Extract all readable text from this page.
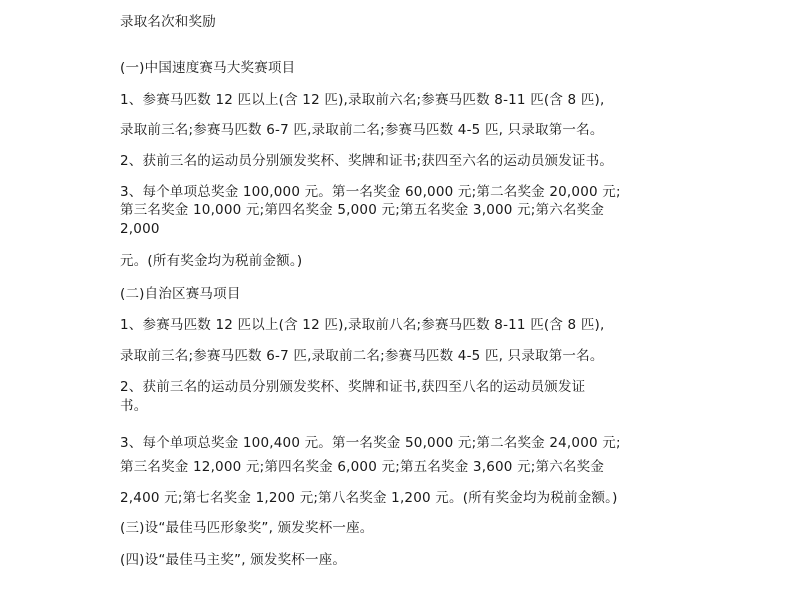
录取名次和奖励
(一)中国速度赛马大奖赛项目
1、参赛马匹数 12 匹以上(含 12 匹),录取前六名;参赛马匹数 8-11 匹(含 8 匹),
录取前三名;参赛马匹数 6-7 匹,录取前二名;参赛马匹数 4-5 匹, 只录取第一名。
2、获前三名的运动员分别颁发奖杯、奖牌和证书;获四至六名的运动员颁发证书。
3、每个单项总奖金 100,000 元。第一名奖金 60,000 元;第二名奖金 20,000 元;
第三名奖金 10,000 元;第四名奖金 5,000 元;第五名奖金 3,000 元;第六名奖金
2,000
元。(所有奖金均为税前金额。)
(二)自治区赛马项目
1、参赛马匹数 12 匹以上(含 12 匹),录取前八名;参赛马匹数 8-11 匹(含 8 匹),
录取前三名;参赛马匹数 6-7 匹,录取前二名;参赛马匹数 4-5 匹, 只录取第一名。
2、获前三名的运动员分别颁发奖杯、奖牌和证书,获四至八名的运动员颁发证
书。
3、每个单项总奖金 100,400 元。第一名奖金 50,000 元;第二名奖金 24,000 元;
第三名奖金 12,000 元;第四名奖金 6,000 元;第五名奖金 3,600 元;第六名奖金
2,400 元;第七名奖金 1,200 元;第八名奖金 1,200 元。(所有奖金均为税前金额。)
(三)设“最佳马匹形象奖”, 颁发奖杯一座。
(四)设“最佳马主奖”, 颁发奖杯一座。
